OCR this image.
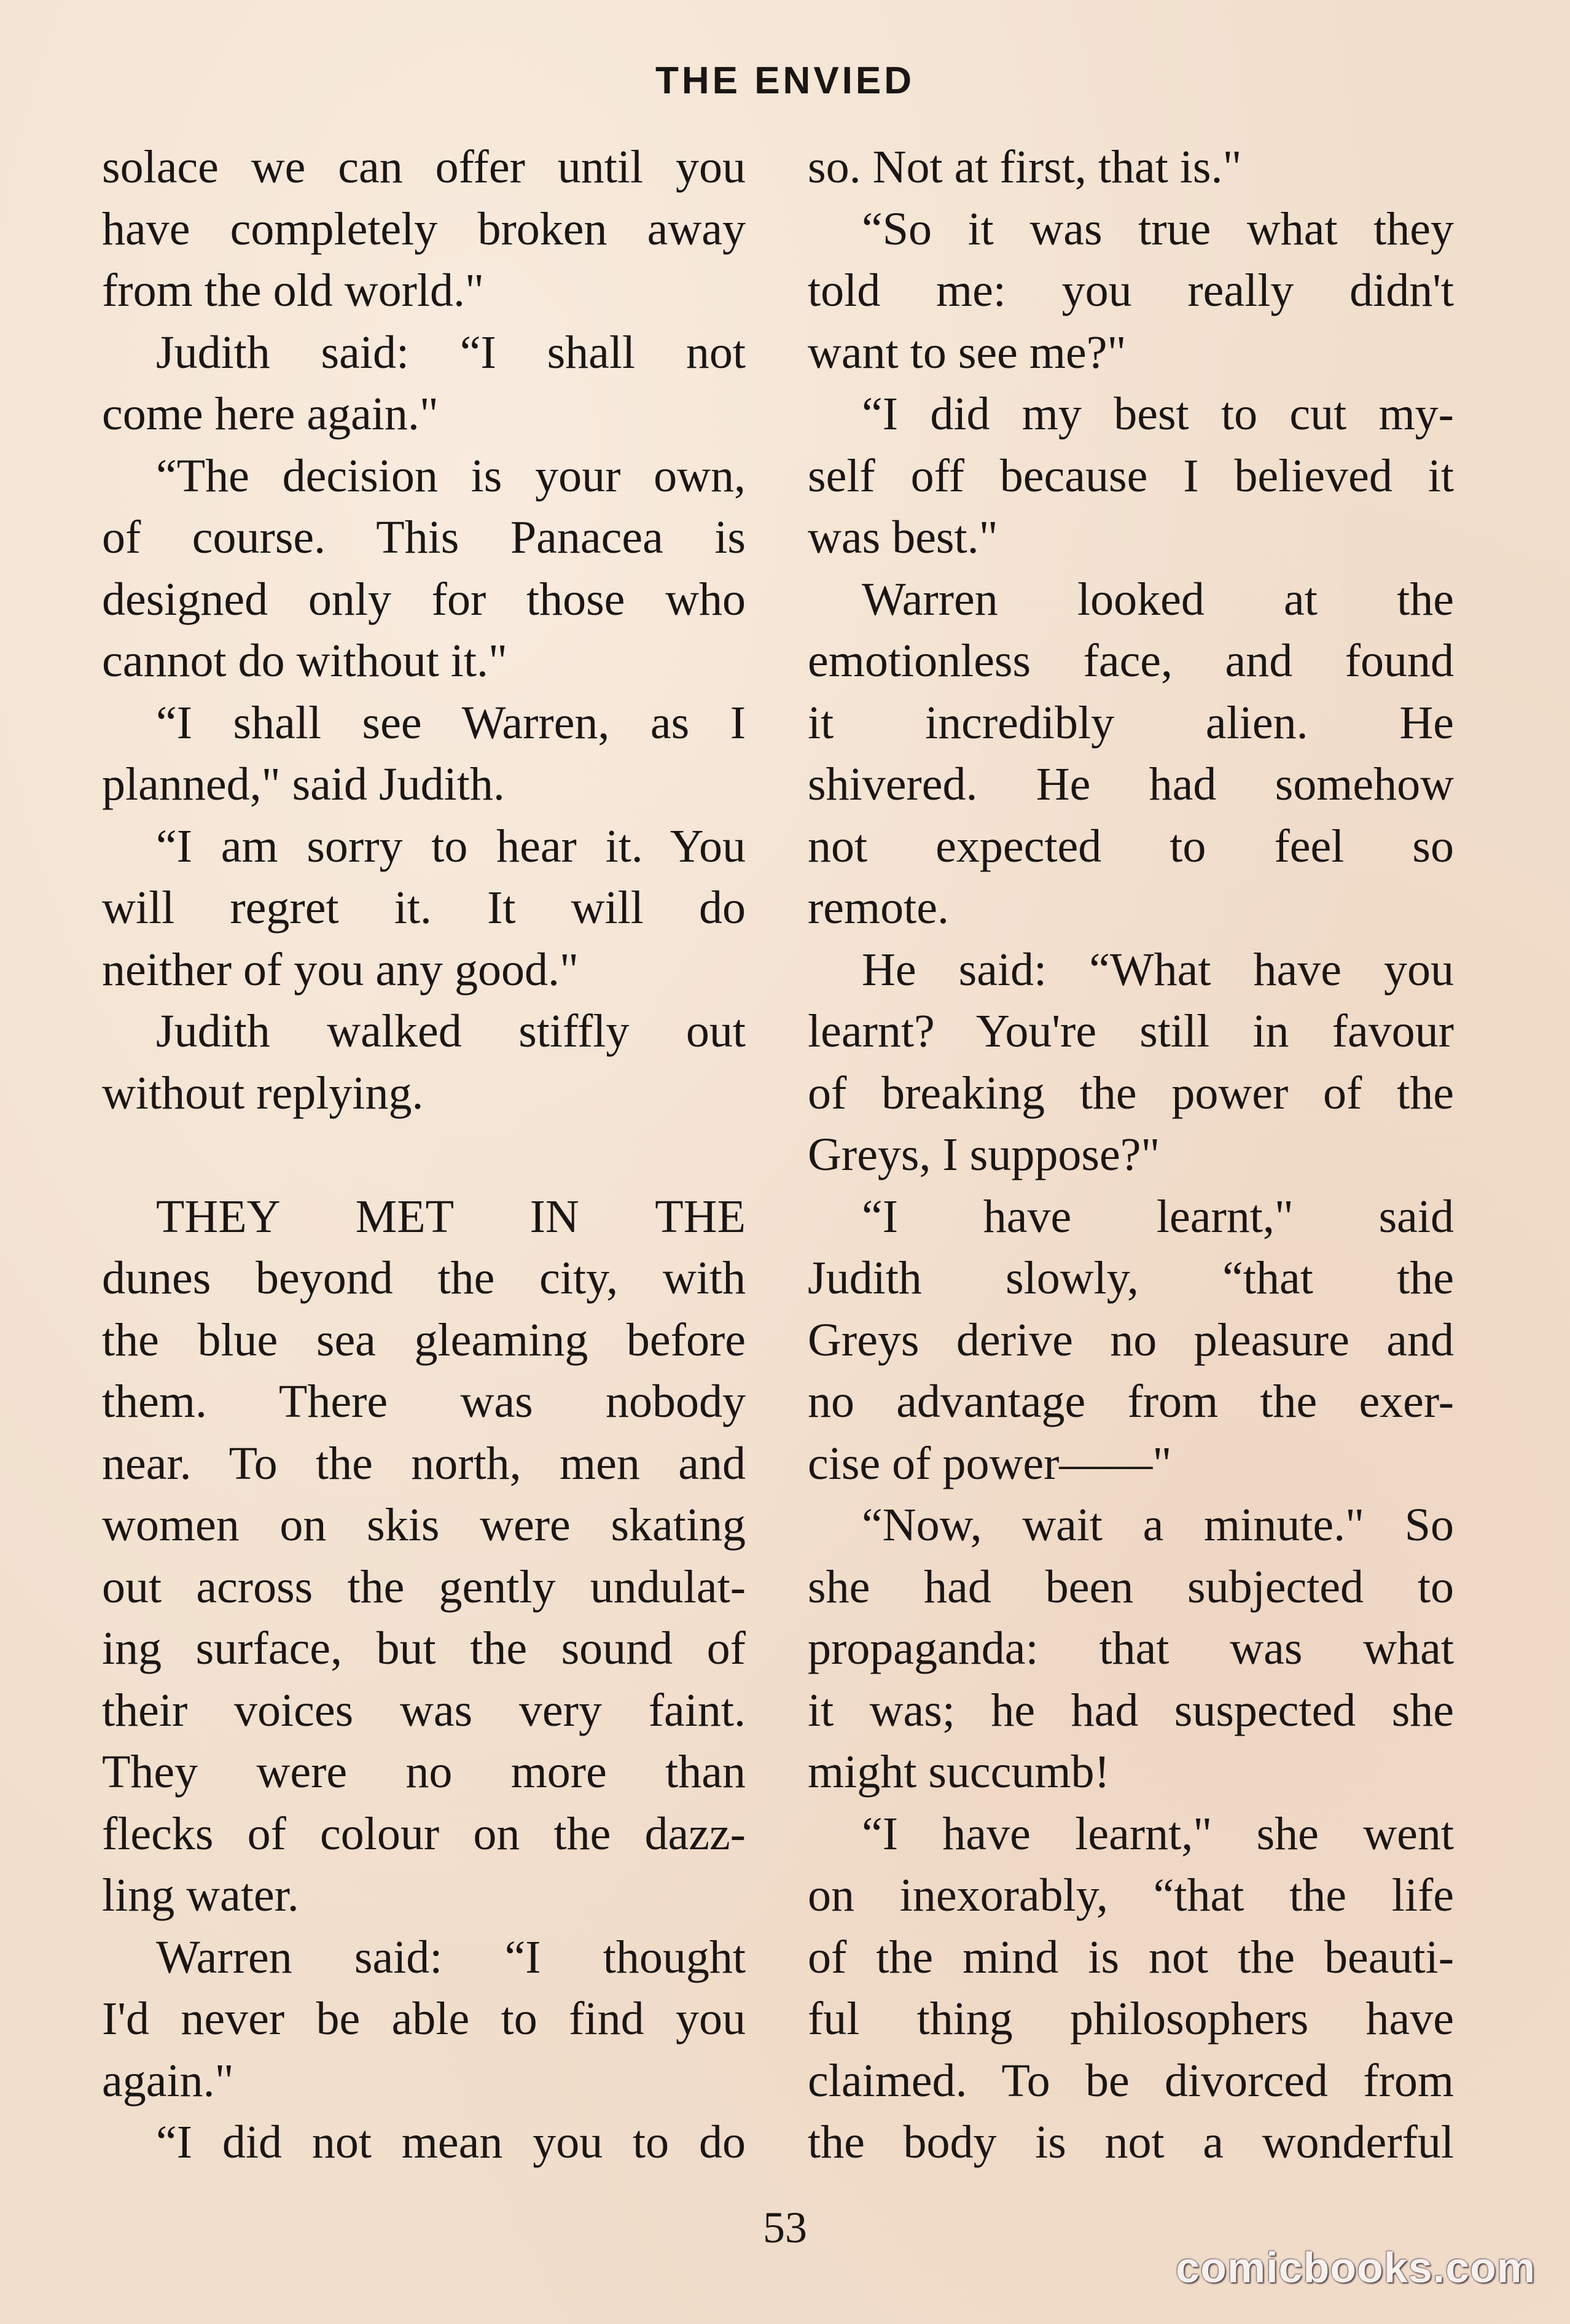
THE ENVIED
solace we can offer until you
have completely broken away
from the old world."
Judith said: “I shall not
come here again."
“The decision is your own,
of course. This Panacea is
designed only for those who
cannot do without it."
“I shall see Warren, as I
planned," said Judith.
“I am sorry to hear it. You
will regret it. It will do
neither of you any good."
Judith walked stiffly out
without replying.
THEY MET IN THE
dunes beyond the city, with
the blue sea gleaming before
them. There was nobody
near. To the north, men and
women on skis were skating
out across the gently undulat-
ing surface, but the sound of
their voices was very faint.
They were no more than
flecks of colour on the dazz-
ling water.
Warren said: “I thought
I'd never be able to find you
again."
“I did not mean you to do
so. Not at first, that is."
“So it was true what they
told me: you really didn't
want to see me?"
“I did my best to cut my-
self off because I believed it
was best."
Warren looked at the
emotionless face, and found
it incredibly alien. He
shivered. He had somehow
not expected to feel so
remote.
He said: “What have you
learnt? You're still in favour
of breaking the power of the
Greys, I suppose?"
“I have learnt," said
Judith slowly, “that the
Greys derive no pleasure and
no advantage from the exer-
cise of power——"
“Now, wait a minute." So
she had been subjected to
propaganda: that was what
it was; he had suspected she
might succumb!
“I have learnt," she went
on inexorably, “that the life
of the mind is not the beauti-
ful thing philosophers have
claimed. To be divorced from
the body is not a wonderful
53
comicbooks.com
